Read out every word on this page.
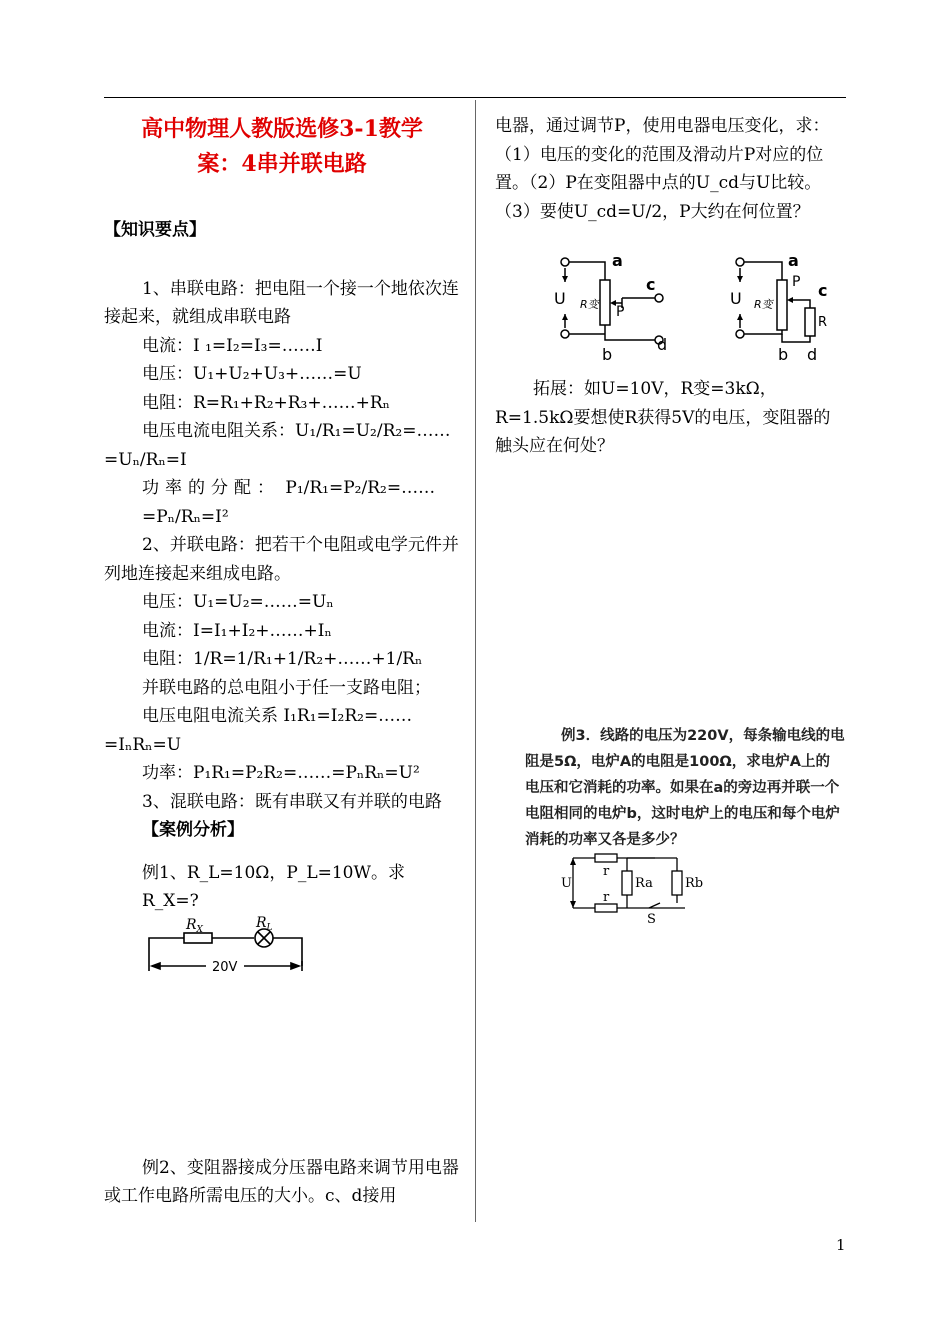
高中物理人教版选修3-1教学

案：4串并联电路

【知识要点】

1、串联电路：把电阻一个接一个地依次连接起来，就组成串联电路

电流：I ₁=I₂=I₃=……I

电压：U₁+U₂+U₃+……=U

电阻：R=R₁+R₂+R₃+……+Rₙ

电压电流电阻关系：U₁/R₁=U₂/R₂=……=Uₙ/Rₙ=I

功率的分配： P₁/R₁=P₂/R₂=……=Pₙ/Rₙ=I²

2、并联电路：把若干个电阻或电学元件并列地连接起来组成电路。

电压：U₁=U₂=……=Uₙ

电流：I=I₁+I₂+……+Iₙ

电阻：1/R=1/R₁+1/R₂+……+1/Rₙ

并联电路的总电阻小于任一支路电阻；

电压电阻电流关系 I₁R₁=I₂R₂=……=IₙRₙ=U

功率：P₁R₁=P₂R₂=……=PₙRₙ=U²

3、混联电路：既有串联又有并联的电路

【案例分析】

例1、R_L=10Ω，P_L=10W。求R_X=?

$R_X$	$R_L$
20V

例2、变阻器接成分压器电路来调节用电器或工作电路所需电压的大小。c、d接用

电器，通过调节P，使用电器电压变化，求：（1）电压的变化的范围及滑动片P对应的位置。（2）P在变阻器中点的U_cd与U比较。（3）要使U_cd=U/2，P大约在何位置？

a
c
U R变 P
b
d
a
P c
U R变
R
b d

拓展：如U=10V，R变=3kΩ，R=1.5kΩ要想使R获得5V的电压，变阻器的触头应在何处？

例3．线路的电压为220V，每条输电线的电

阻是5Ω，电炉A的电阻是100Ω，求电炉A上的

电压和它消耗的功率。如果在a的旁边再并联一个

电阻相同的电炉b，这时电炉上的电压和每个电炉

消耗的功率又各是多少？

U
r
r
Ra Rb
S
1
